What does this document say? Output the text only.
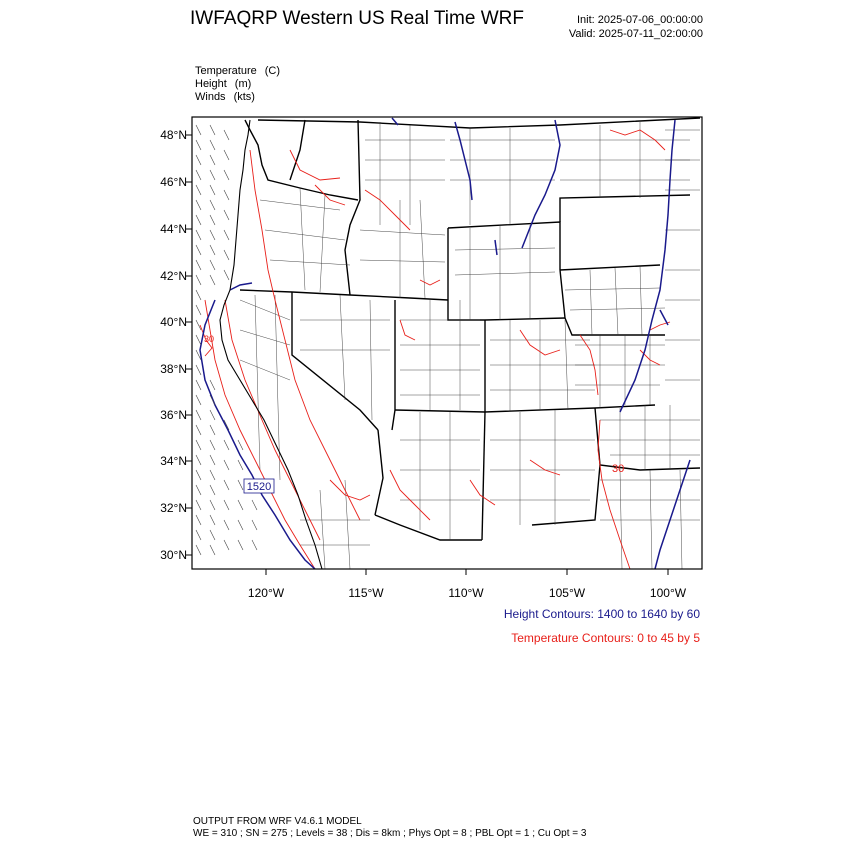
IWFAQRP Western US Real Time WRF	Init: 2025-07-06_00:00:00
Valid: 2025-07-11_02:00:00
Temperature (C)
Height (m)
Winds (kts)
1520
30
30
48°N
46°N
44°N
42°N
40°N
38°N
36°N
34°N
32°N
30°N
120°W	115°W	110°W	105°W	100°W
Height Contours: 1400 to 1640 by 60
Temperature Contours: 0 to 45 by 5
OUTPUT FROM WRF V4.6.1 MODEL
WE = 310 ; SN = 275 ; Levels = 38 ; Dis = 8km ; Phys Opt = 8 ; PBL Opt = 1 ; Cu Opt = 3
